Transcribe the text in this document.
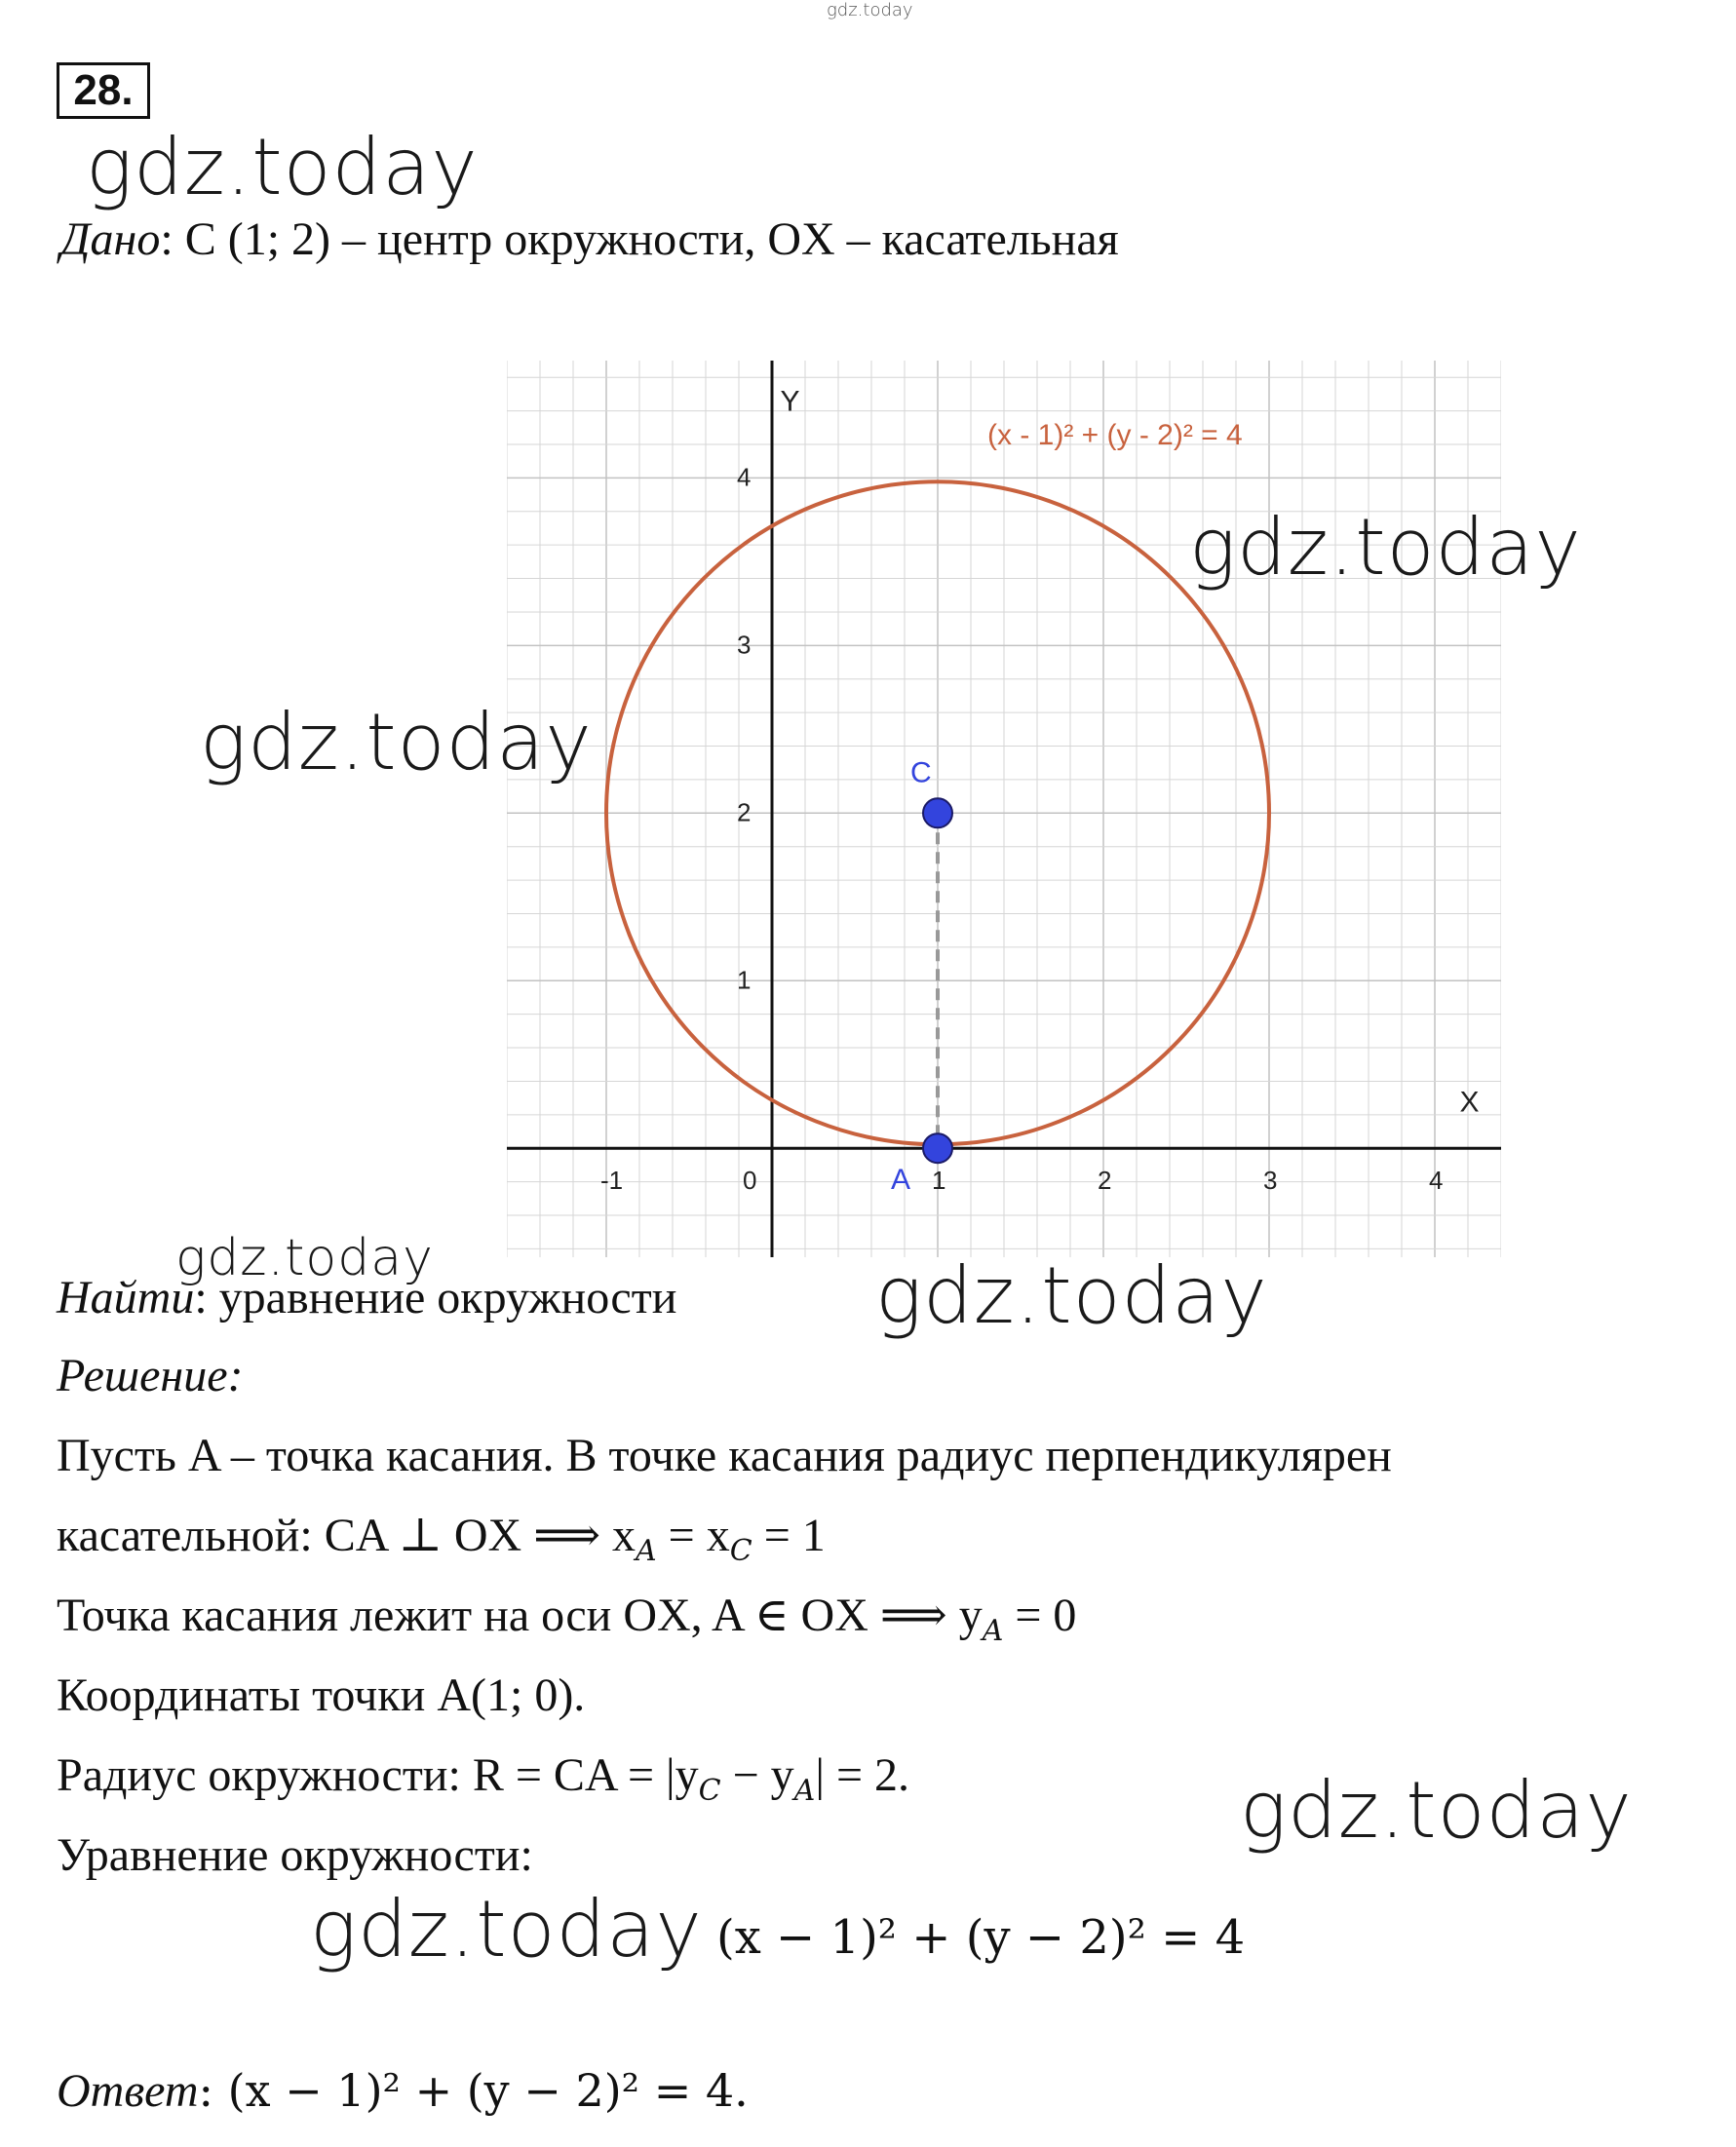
gdz.today
28.
gdz.today
Дано: C (1; 2) – центр окружности, OX – касательная
-1	0	1	2	3	4
1
2
3
4
C
A
(x - 1)² + (y - 2)² = 4
X
Y
gdz.today
gdz.today
gdz.today
Найти: уравнение окружности	gdz.today
Решение:
Пусть A – точка касания. В точке касания радиус перпендикулярен
касательной: CA ⊥ OX ⟹ $x_A = x_C = 1$
Точка касания лежит на оси OX, A ∈ OX ⟹ $y_A = 0$
Координаты точки A(1; 0).
Радиус окружности: R = CA = $|y_C - y_A| = 2$.	gdz.today
Уравнение окружности:
gdz.today (x − 1)² + (y − 2)² = 4
Ответ: (x − 1)² + (y − 2)² = 4.
